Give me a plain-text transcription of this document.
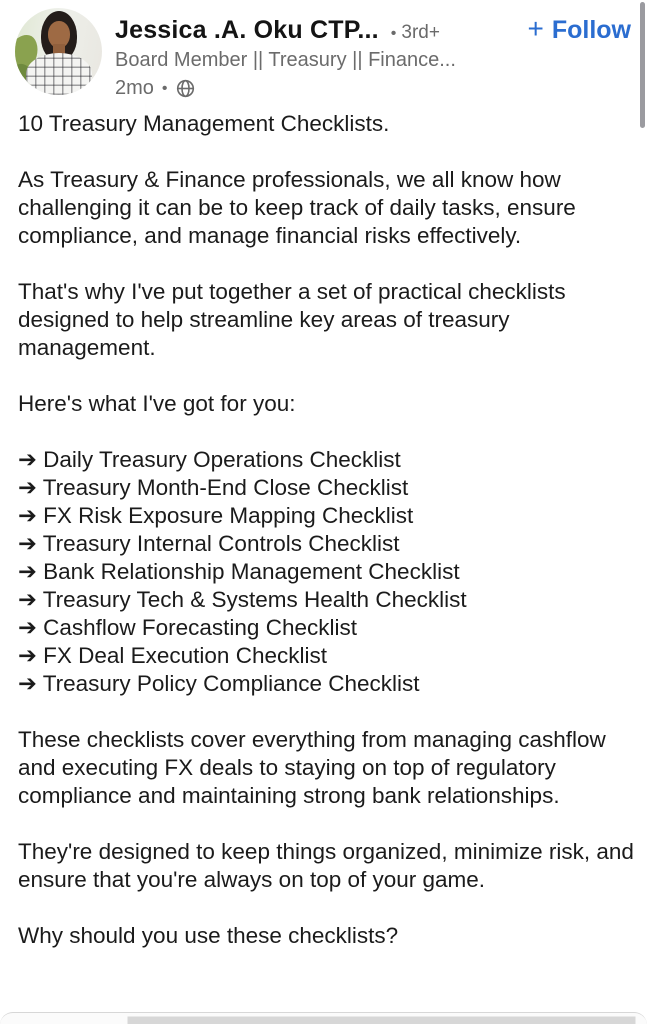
Jessica .A. Oku CTP... • 3rd+	+ Follow
Board Member || Treasury || Finance...
2mo •

10 Treasury Management Checklists.

As Treasury & Finance professionals, we all know how challenging it can be to keep track of daily tasks, ensure compliance, and manage financial risks effectively.

That's why I've put together a set of practical checklists designed to help streamline key areas of treasury management.

Here's what I've got for you:

➔ Daily Treasury Operations Checklist
➔ Treasury Month-End Close Checklist
➔ FX Risk Exposure Mapping Checklist
➔ Treasury Internal Controls Checklist
➔ Bank Relationship Management Checklist
➔ Treasury Tech & Systems Health Checklist
➔ Cashflow Forecasting Checklist
➔ FX Deal Execution Checklist
➔ Treasury Policy Compliance Checklist

These checklists cover everything from managing cashflow and executing FX deals to staying on top of regulatory compliance and maintaining strong bank relationships.

They're designed to keep things organized, minimize risk, and ensure that you're always on top of your game.

Why should you use these checklists?
